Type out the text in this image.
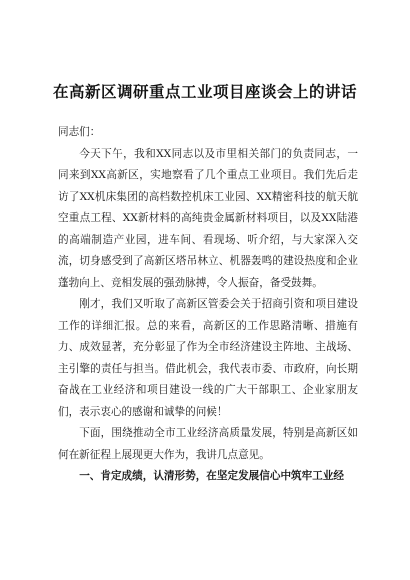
在高新区调研重点工业项目座谈会上的讲话

同志们：

今天下午，我和XX同志以及市里相关部门的负责同志，一同来到XX高新区，实地察看了几个重点工业项目。我们先后走访了XX机床集团的高档数控机床工业园、XX精密科技的航天航空重点工程、XX新材料的高纯贵金属新材料项目，以及XX陆港的高端制造产业园，进车间、看现场、听介绍，与大家深入交流，切身感受到了高新区塔吊林立、机器轰鸣的建设热度和企业蓬勃向上、竞相发展的强劲脉搏，令人振奋，备受鼓舞。

刚才，我们又听取了高新区管委会关于招商引资和项目建设工作的详细汇报。总的来看，高新区的工作思路清晰、措施有力、成效显著，充分彰显了作为全市经济建设主阵地、主战场、主引擎的责任与担当。借此机会，我代表市委、市政府，向长期奋战在工业经济和项目建设一线的广大干部职工、企业家朋友们，表示衷心的感谢和诚挚的问候！

下面，围绕推动全市工业经济高质量发展，特别是高新区如何在新征程上展现更大作为，我讲几点意见。

一、肯定成绩，认清形势，在坚定发展信心中筑牢工业经
